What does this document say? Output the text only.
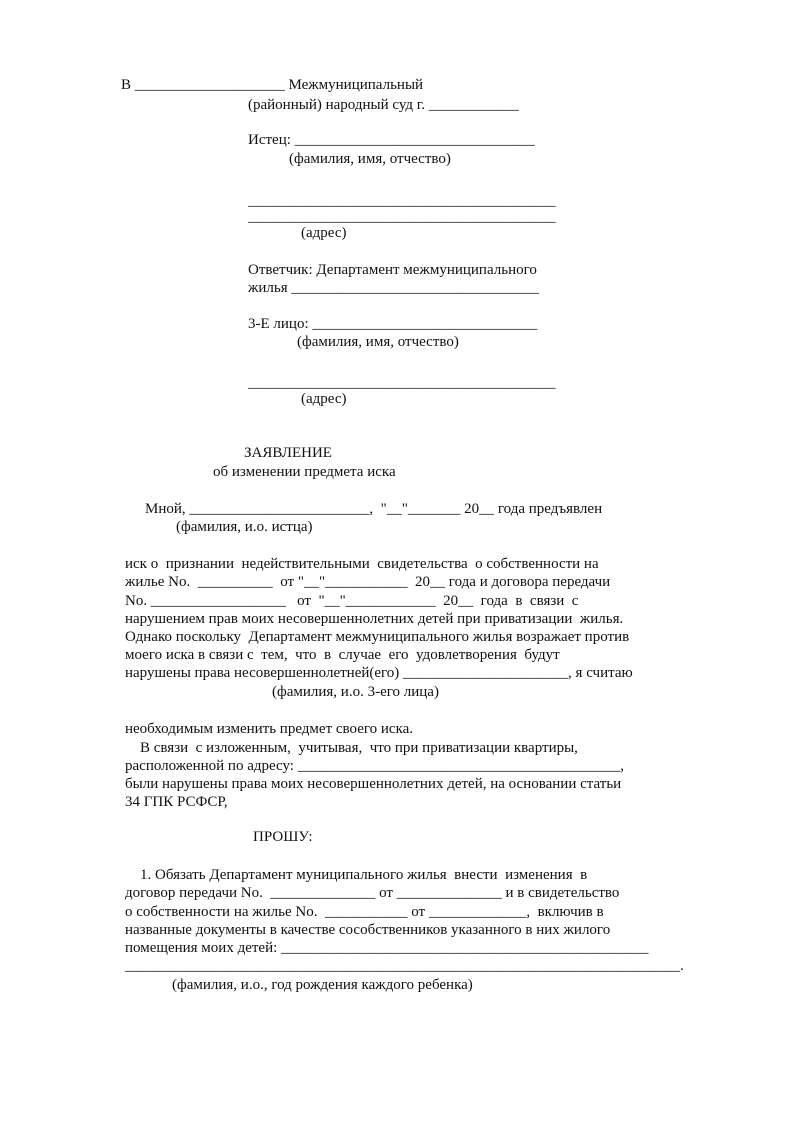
В ____________________ Межмуниципальный
(районный) народный суд г. ____________
Истец: ________________________________
(фамилия, имя, отчество)
_________________________________________
_________________________________________
(адрес)
Ответчик: Департамент межмуниципального
жилья _________________________________
3-Е лицо: ______________________________
(фамилия, имя, отчество)
_________________________________________
(адрес)
ЗАЯВЛЕНИЕ
об изменении предмета иска
Мной, ________________________,  "__"_______ 20__ года предъявлен
(фамилия, и.о. истца)
иск о  признании  недействительными  свидетельства  о собственности на
жилье No.  __________  от "__"___________  20__ года и договора передачи
No. __________________   от  "__"____________  20__  года  в  связи  с
нарушением прав моих несовершеннолетних детей при приватизации  жилья.
Однако поскольку  Департамент межмуниципального жилья возражает против
моего иска в связи с  тем,  что  в  случае  его  удовлетворения  будут
нарушены права несовершеннолетней(его) ______________________, я считаю
(фамилия, и.о. 3-его лица)
необходимым изменить предмет своего иска.
В связи  с изложенным,  учитывая,  что при приватизации квартиры,
расположенной по адресу: ___________________________________________,
были нарушены права моих несовершеннолетних детей, на основании статьи
34 ГПК РСФСР,
ПРОШУ:
1. Обязать Департамент муниципального жилья  внести  изменения  в
договор передачи No.  ______________ от ______________ и в свидетельство
о собственности на жилье No.  ___________ от _____________,  включив в
названные документы в качестве сособственников указанного в них жилого
помещения моих детей: _________________________________________________
__________________________________________________________________________.
(фамилия, и.о., год рождения каждого ребенка)
